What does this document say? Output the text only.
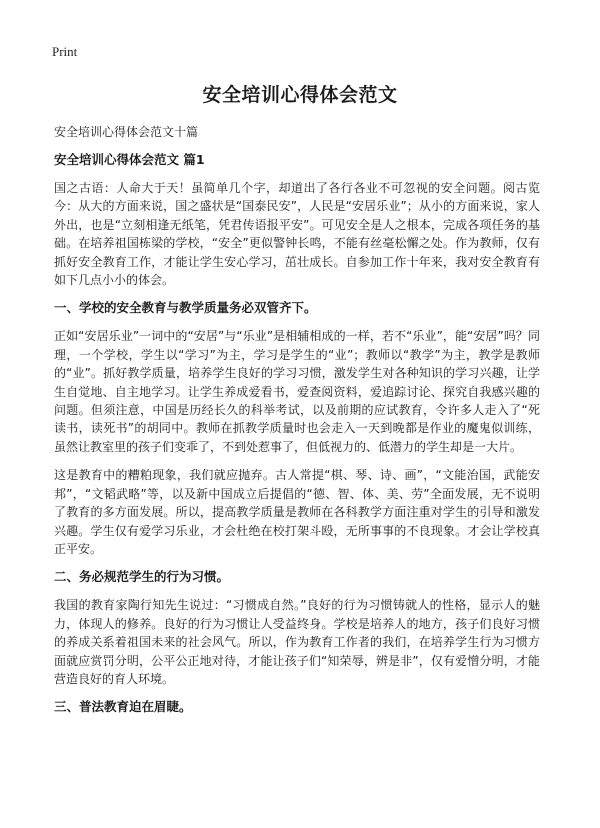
Print
安全培训心得体会范文
安全培训心得体会范文十篇
安全培训心得体会范文 篇1

国之古语：人命大于天！虽简单几个字，却道出了各行各业不可忽视的安全问题。阅古览今：从大的方面来说，国之盛状是“国泰民安”，人民是“安居乐业”；从小的方面来说，家人外出，也是“立刻相逢无纸笔，凭君传语报平安”。可见安全是人之根本，完成各项任务的基础。在培养祖国栋梁的学校，“安全”更似警钟长鸣，不能有丝毫松懈之处。作为教师，仅有抓好安全教育工作，才能让学生安心学习，茁壮成长。自参加工作十年来，我对安全教育有如下几点小小的体会。

一、学校的安全教育与教学质量务必双管齐下。

正如“安居乐业”一词中的“安居”与“乐业”是相辅相成的一样，若不“乐业”，能“安居”吗？同理，一个学校，学生以“学习”为主，学习是学生的“业”；教师以“教学”为主，教学是教师的“业”。抓好教学质量，培养学生良好的学习习惯，激发学生对各种知识的学习兴趣，让学生自觉地、自主地学习。让学生养成爱看书，爱查阅资料，爱追踪讨论、探究自我感兴趣的问题。但须注意，中国是历经长久的科举考试，以及前期的应试教育，令许多人走入了“死读书，读死书”的胡同中。教师在抓教学质量时也会走入一天到晚都是作业的魔鬼似训练，虽然让教室里的孩子们变乖了，不到处惹事了，但低视力的、低潜力的学生却是一大片。

这是教育中的糟粕现象，我们就应抛弃。古人常提“棋、琴、诗、画”，“文能治国，武能安邦”，“文韬武略”等，以及新中国成立后提倡的“德、智、体、美、劳”全面发展，无不说明了教育的多方面发展。所以，提高教学质量是教师在各科教学方面注重对学生的引导和激发兴趣。学生仅有爱学习乐业，才会杜绝在校打架斗殴，无所事事的不良现象。才会让学校真正平安。

二、务必规范学生的行为习惯。

我国的教育家陶行知先生说过：“习惯成自然。”良好的行为习惯铸就人的性格，显示人的魅力，体现人的修养。良好的行为习惯让人受益终身。学校是培养人的地方，孩子们良好习惯的养成关系着祖国未来的社会风气。所以，作为教育工作者的我们，在培养学生行为习惯方面就应赏罚分明，公平公正地对待，才能让孩子们“知荣辱，辨是非”，仅有爱憎分明，才能营造良好的育人环境。

三、普法教育迫在眉睫。
